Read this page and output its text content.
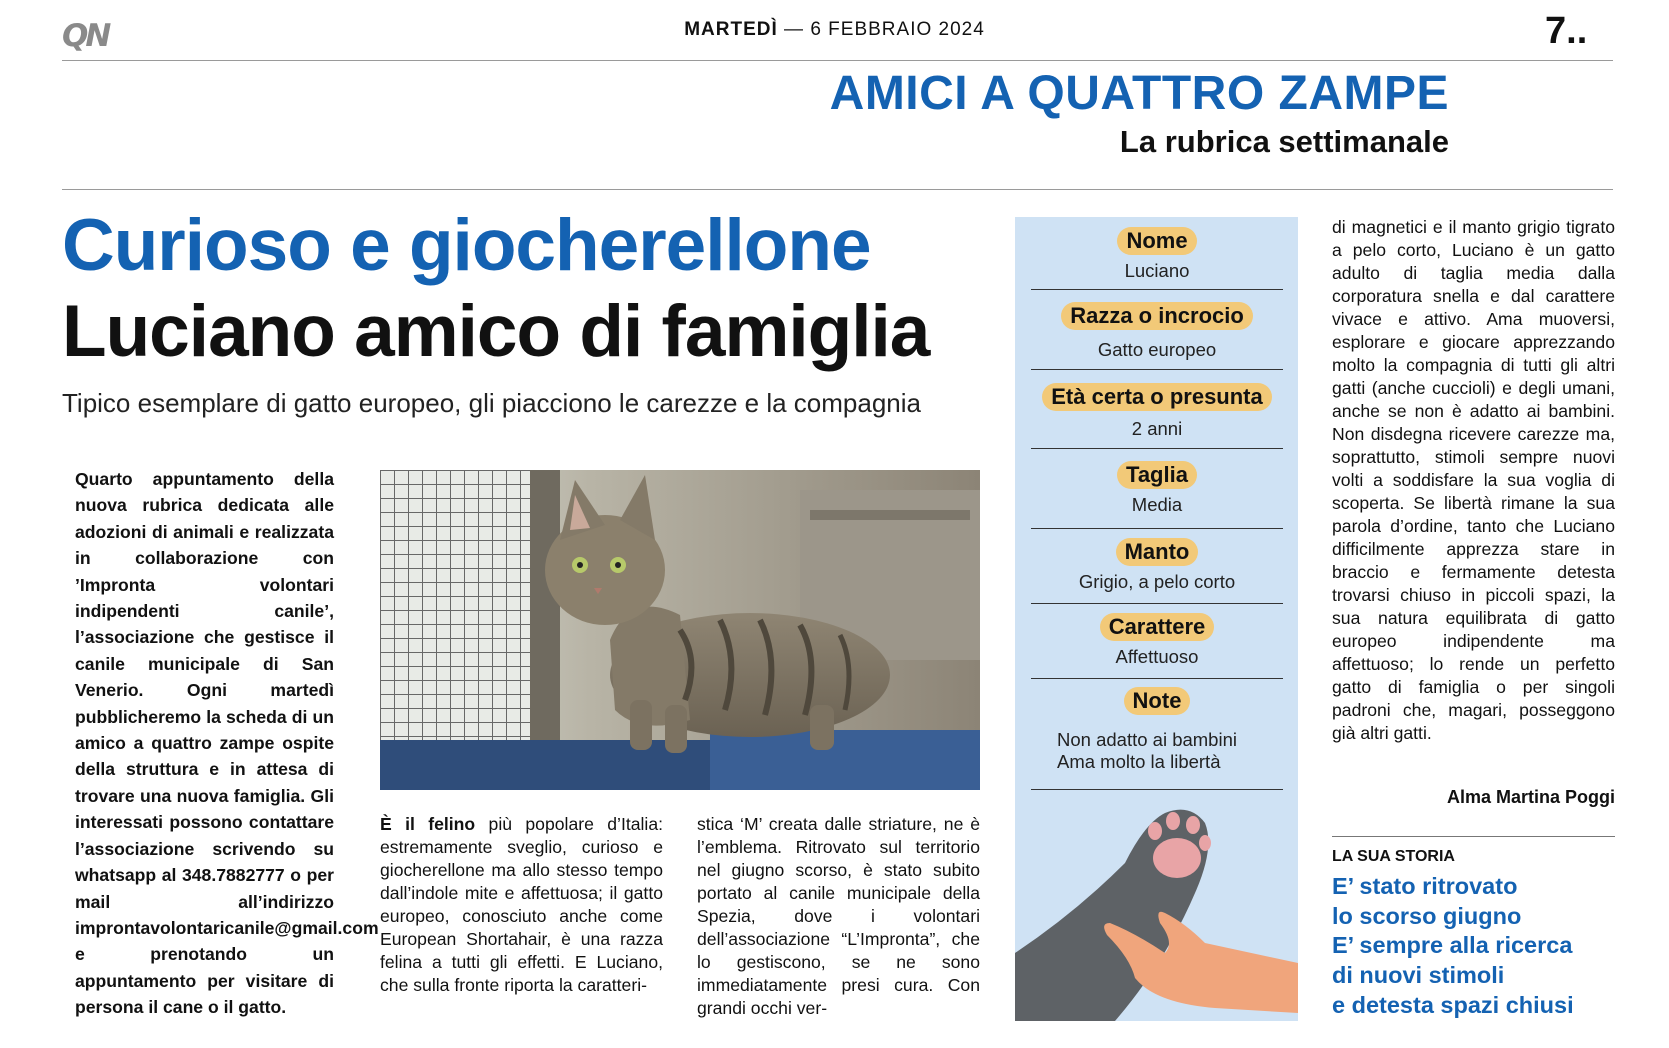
QN	MARTEDÌ — 6 FEBBRAIO 2024	7..
AMICI A QUATTRO ZAMPE
La rubrica settimanale
Curioso e giocherellone
Luciano amico di famiglia
Tipico esemplare di gatto europeo, gli piacciono le carezze e la compagnia
Quarto appuntamento della nuova rubrica dedicata alle adozioni di animali e realizzata in collaborazione con ’Impronta volontari indipendenti canile’, l’associazione che gestisce il canile municipale di San Venerio. Ogni martedì pubblicheremo la scheda di un amico a quattro zampe ospite della struttura e in attesa di trovare una nuova famiglia. Gli interessati possono contattare l’associazione scrivendo su whatsapp al 348.7882777 o per mail all’indirizzo improntavolontaricanile@gmail.com e prenotando un appuntamento per visitare di persona il cane o il gatto.
È il felino più popolare d’Italia: estremamente sveglio, curioso e giocherellone ma allo stesso tempo dall’indole mite e affettuosa; il gatto europeo, conosciuto anche come European Shortahair, è una razza felina a tutti gli effetti. E Luciano, che sulla fronte riporta la caratteri-
stica ‘M’ creata dalle striature, ne è l’emblema. Ritrovato sul territorio nel giugno scorso, è stato subito portato al canile municipale della Spezia, dove i volontari dell’associazione “L’Impronta”, che lo gestiscono, se ne sono immediatamente presi cura. Con grandi occhi ver-
di magnetici e il manto grigio tigrato a pelo corto, Luciano è un gatto adulto di taglia media dalla corporatura snella e dal carattere vivace e attivo. Ama muoversi, esplorare e giocare apprezzando molto la compagnia di tutti gli altri gatti (anche cuccioli) e degli umani, anche se non è adatto ai bambini. Non disdegna ricevere carezze ma, soprattutto, stimoli sempre nuovi volti a soddisfare la sua voglia di scoperta. Se libertà rimane la sua parola d’ordine, tanto che Luciano difficilmente apprezza stare in braccio e fermamente detesta trovarsi chiuso in piccoli spazi, la sua natura equilibrata di gatto europeo indipendente ma affettuoso; lo rende un perfetto gatto di famiglia o per singoli padroni che, magari, posseggono già altri gatti.
Alma Martina Poggi
Nome
Luciano
Razza o incrocio
Gatto europeo
Età certa o presunta
2 anni
Taglia
Media
Manto
Grigio, a pelo corto
Carattere
Affettuoso
Note
Non adatto ai bambini
Ama molto la libertà
LA SUA STORIA
E’ stato ritrovato
lo scorso giugno
E’ sempre alla ricerca
di nuovi stimoli
e detesta spazi chiusi
